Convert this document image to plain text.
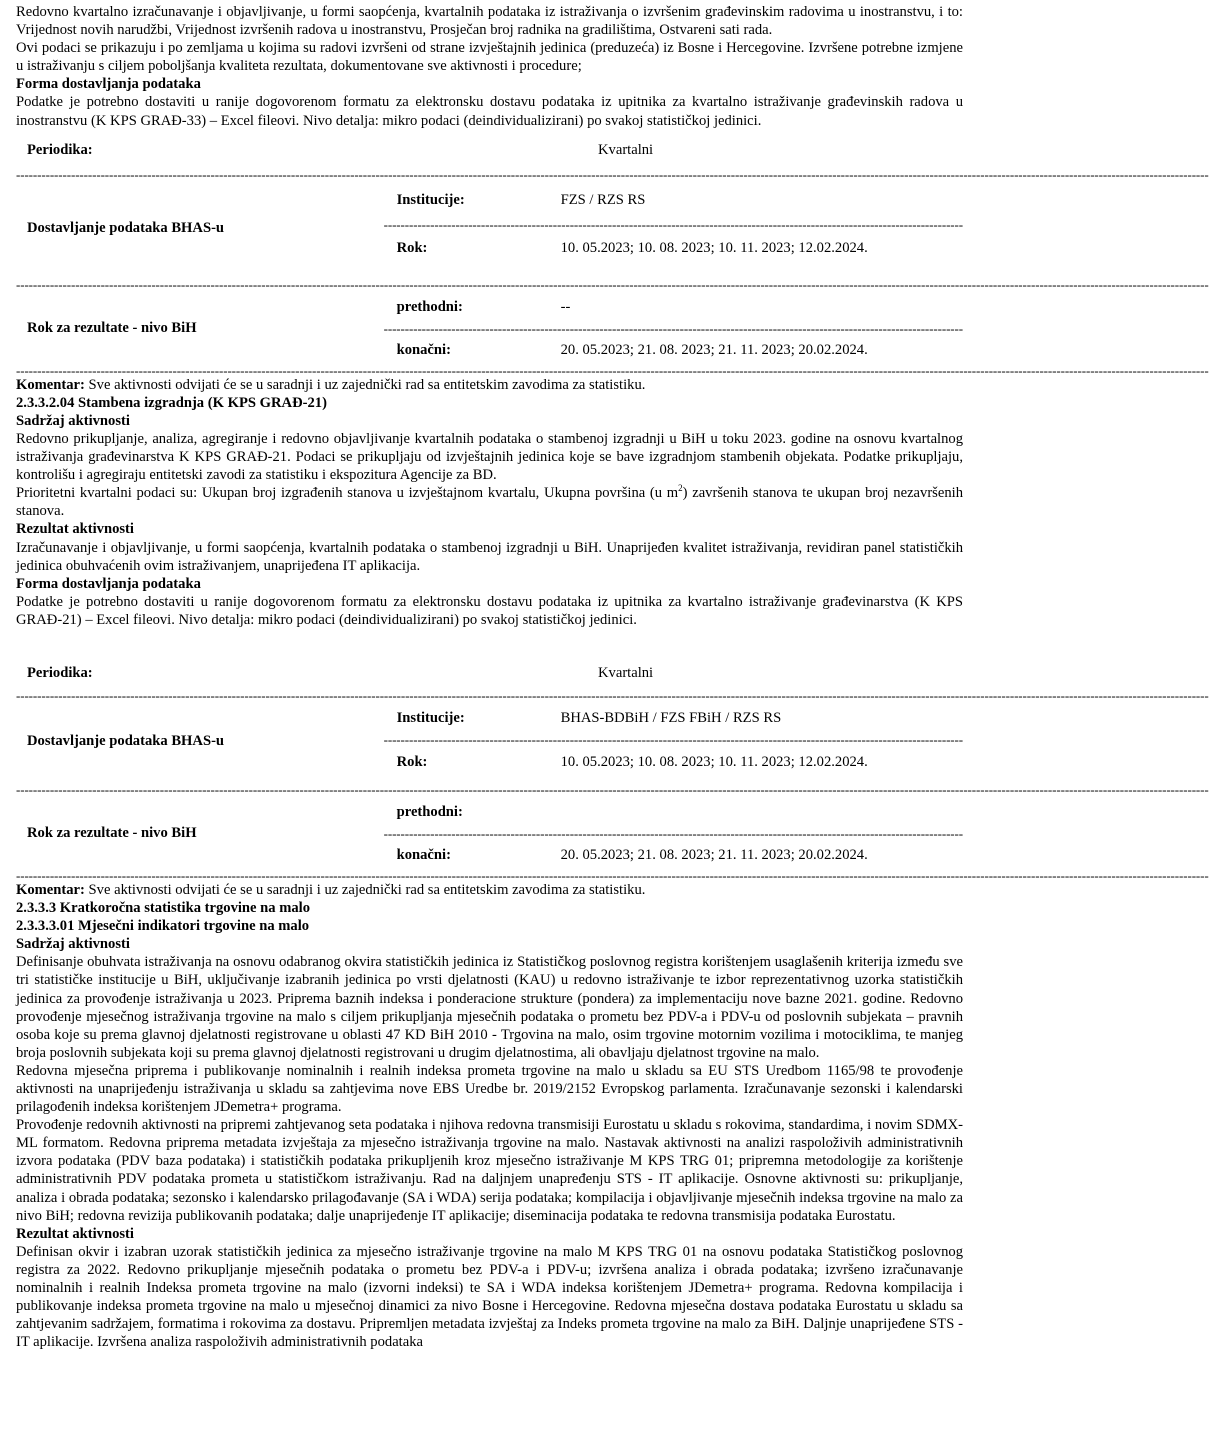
Redovno kvartalno izračunavanje i objavljivanje, u formi saopćenja, kvartalnih podataka iz istraživanja o izvršenim građevinskim radovima u inostranstvu, i to: Vrijednost novih narudžbi, Vrijednost izvršenih radova u inostranstvu, Prosječan broj radnika na gradilištima, Ostvareni sati rada.

Ovi podaci se prikazuju i po zemljama u kojima su radovi izvršeni od strane izvještajnih jedinica (preduzeća) iz Bosne i Hercegovine. Izvršene potrebne izmjene u istraživanju s ciljem poboljšanja kvaliteta rezultata, dokumentovane sve aktivnosti i procedure;

Forma dostavljanja podataka

Podatke je potrebno dostaviti u ranije dogovorenom formatu za elektronsku dostavu podataka iz upitnika za kvartalno istraživanje građevinskih radova u inostranstvu (K KPS GRAĐ-33) – Excel fileovi. Nivo detalja: mikro podaci (deindividualizirani) po svakoj statističkoj jedinici.

Periodika:	Kvartalni
------------------------------------------------------------------------------------------------------------------------------------------------------------------------------------------------------------------------------------------------------------------------------------------
Dostavljanje podataka BHAS-u
Institucije:	FZS / RZS RS
-----------------------------------------------------------------------------------------------------------------------------------------
Rok:	10. 05.2023; 10. 08. 2023; 10. 11. 2023; 12.02.2024.
------------------------------------------------------------------------------------------------------------------------------------------------------------------------------------------------------------------------------------------------------------------------------------------
Rok za rezultate - nivo BiH
prethodni:	--
-----------------------------------------------------------------------------------------------------------------------------------------
konačni:	20. 05.2023; 21. 08. 2023; 21. 11. 2023; 20.02.2024.
------------------------------------------------------------------------------------------------------------------------------------------------------------------------------------------------------------------------------------------------------------------------------------------

Komentar: Sve aktivnosti odvijati će se u saradnji i uz zajednički rad sa entitetskim zavodima za statistiku.

2.3.3.2.04 Stambena izgradnja (K KPS GRAĐ-21)

Sadržaj aktivnosti

Redovno prikupljanje, analiza, agregiranje i redovno objavljivanje kvartalnih podataka o stambenoj izgradnji u BiH u toku 2023. godine na osnovu kvartalnog istraživanja građevinarstva K KPS GRAĐ-21. Podaci se prikupljaju od izvještajnih jedinica koje se bave izgradnjom stambenih objekata. Podatke prikupljaju, kontrolišu i agregiraju entitetski zavodi za statistiku i ekspozitura Agencije za BD.

Prioritetni kvartalni podaci su: Ukupan broj izgrađenih stanova u izvještajnom kvartalu, Ukupna površina (u $m^2$) završenih stanova te ukupan broj nezavršenih stanova.

Rezultat aktivnosti

Izračunavanje i objavljivanje, u formi saopćenja, kvartalnih podataka o stambenoj izgradnji u BiH. Unaprijeđen kvalitet istraživanja, revidiran panel statističkih jedinica obuhvaćenih ovim istraživanjem, unaprijeđena IT aplikacija.

Forma dostavljanja podataka

Podatke je potrebno dostaviti u ranije dogovorenom formatu za elektronsku dostavu podataka iz upitnika za kvartalno istraživanje građevinarstva (K KPS GRAĐ-21) – Excel fileovi. Nivo detalja: mikro podaci (deindividualizirani) po svakoj statističkoj jedinici.

Periodika:	Kvartalni
------------------------------------------------------------------------------------------------------------------------------------------------------------------------------------------------------------------------------------------------------------------------------------------
Dostavljanje podataka BHAS-u
Institucije:	BHAS-BDBiH / FZS FBiH / RZS RS
-----------------------------------------------------------------------------------------------------------------------------------------
Rok:	10. 05.2023; 10. 08. 2023; 10. 11. 2023; 12.02.2024.
------------------------------------------------------------------------------------------------------------------------------------------------------------------------------------------------------------------------------------------------------------------------------------------
Rok za rezultate - nivo BiH
prethodni:
-----------------------------------------------------------------------------------------------------------------------------------------
konačni:	20. 05.2023; 21. 08. 2023; 21. 11. 2023; 20.02.2024.
------------------------------------------------------------------------------------------------------------------------------------------------------------------------------------------------------------------------------------------------------------------------------------------

Komentar: Sve aktivnosti odvijati će se u saradnji i uz zajednički rad sa entitetskim zavodima za statistiku.

2.3.3.3 Kratkoročna statistika trgovine na malo

2.3.3.3.01 Mjesečni indikatori trgovine na malo

Sadržaj aktivnosti

Definisanje obuhvata istraživanja na osnovu odabranog okvira statističkih jedinica iz Statističkog poslovnog registra korištenjem usaglašenih kriterija između sve tri statističke institucije u BiH, uključivanje izabranih jedinica po vrsti djelatnosti (KAU) u redovno istraživanje te izbor reprezentativnog uzorka statističkih jedinica za provođenje istraživanja u 2023. Priprema baznih indeksa i ponderacione strukture (pondera) za implementaciju nove bazne 2021. godine. Redovno provođenje mjesečnog istraživanja trgovine na malo s ciljem prikupljanja mjesečnih podataka o prometu bez PDV-a i PDV-u od poslovnih subjekata – pravnih osoba koje su prema glavnoj djelatnosti registrovane u oblasti 47 KD BiH 2010 - Trgovina na malo, osim trgovine motornim vozilima i motociklima, te manjeg broja poslovnih subjekata koji su prema glavnoj djelatnosti registrovani u drugim djelatnostima, ali obavljaju djelatnost trgovine na malo.

Redovna mjesečna priprema i publikovanje nominalnih i realnih indeksa prometa trgovine na malo u skladu sa EU STS Uredbom 1165/98 te provođenje aktivnosti na unaprijeđenju istraživanja u skladu sa zahtjevima nove EBS Uredbe br. 2019/2152 Evropskog parlamenta. Izračunavanje sezonski i kalendarski prilagođenih indeksa korištenjem JDemetra+ programa.

Provođenje redovnih aktivnosti na pripremi zahtjevanog seta podataka i njihova redovna transmisiji Eurostatu u skladu s rokovima, standardima, i novim SDMX-ML formatom. Redovna priprema metadata izvještaja za mjesečno istraživanja trgovine na malo. Nastavak aktivnosti na analizi raspoloživih administrativnih izvora podataka (PDV baza podataka) i statističkih podataka prikupljenih kroz mjesečno istraživanje M KPS TRG 01; pripremna metodologije za korištenje administrativnih PDV podataka prometa u statističkom istraživanju. Rad na daljnjem unapređenju STS - IT aplikacije. Osnovne aktivnosti su: prikupljanje, analiza i obrada podataka; sezonsko i kalendarsko prilagođavanje (SA i WDA) serija podataka; kompilacija i objavljivanje mjesečnih indeksa trgovine na malo za nivo BiH; redovna revizija publikovanih podataka; dalje unaprijeđenje IT aplikacije; diseminacija podataka te redovna transmisija podataka Eurostatu.

Rezultat aktivnosti

Definisan okvir i izabran uzorak statističkih jedinica za mjesečno istraživanje trgovine na malo M KPS TRG 01 na osnovu podataka Statističkog poslovnog registra za 2022. Redovno prikupljanje mjesečnih podataka o prometu bez PDV-a i PDV-u; izvršena analiza i obrada podataka; izvršeno izračunavanje nominalnih i realnih Indeksa prometa trgovine na malo (izvorni indeksi) te SA i WDA indeksa korištenjem JDemetra+ programa. Redovna kompilacija i publikovanje indeksa prometa trgovine na malo u mjesečnoj dinamici za nivo Bosne i Hercegovine. Redovna mjesečna dostava podataka Eurostatu u skladu sa zahtjevanim sadržajem, formatima i rokovima za dostavu. Pripremljen metadata izvještaj za Indeks prometa trgovine na malo za BiH. Daljnje unaprijeđene STS - IT aplikacije. Izvršena analiza raspoloživih administrativnih podataka
